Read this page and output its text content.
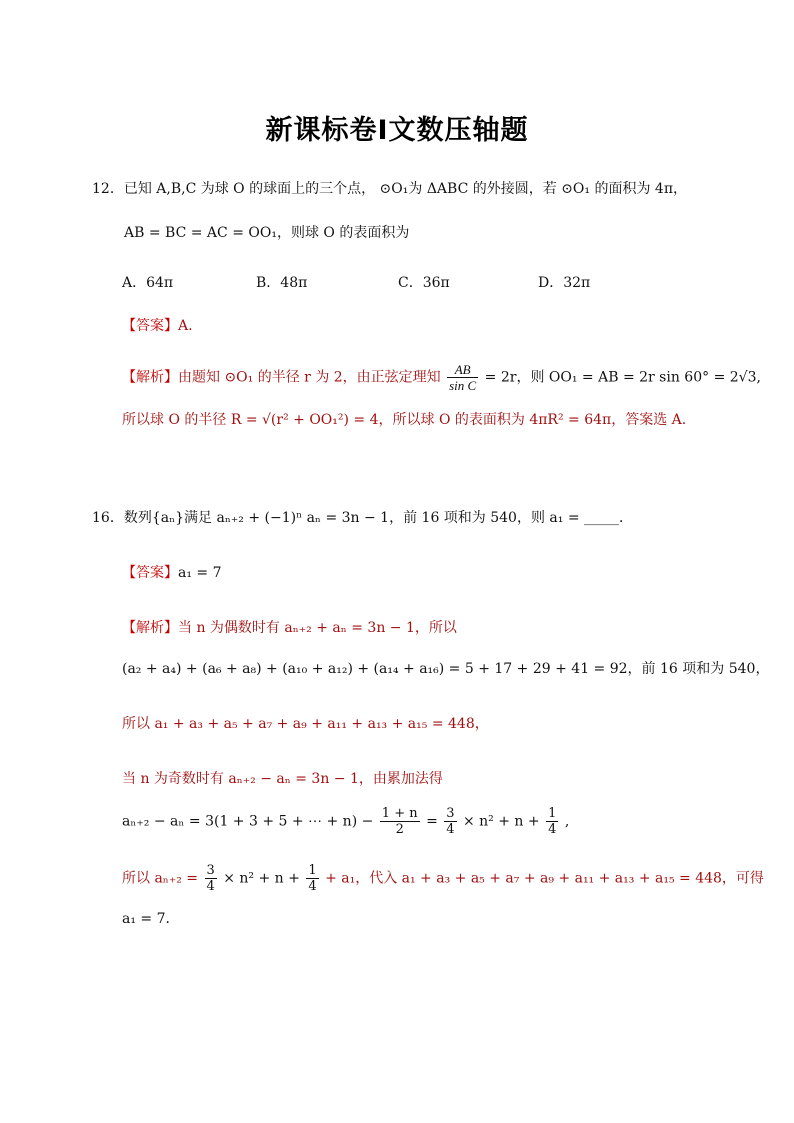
新课标卷Ⅰ文数压轴题
12．已知 A,B,C 为球 O 的球面上的三个点， ⊙O₁为 ΔABC 的外接圆，若 ⊙O₁ 的面积为 4π，
AB = BC = AC = OO₁，则球 O 的表面积为
A．64π	B．48π	C．36π	D．32π
【答案】A.
【解析】由题知 ⊙O₁ 的半径 r 为 2，由正弦定理知 $\frac{AB}{\text{sin C}} = 2r$，则 OO₁ = AB = 2r sin 60° = 2√3,
所以球 O 的半径 R = √(r² + OO₁²) = 4，所以球 O 的表面积为 4πR² = 64π，答案选 A.
16．数列{aₙ}满足 aₙ₊₂ + (−1)ⁿ aₙ = 3n − 1，前 16 项和为 540，则 a₁ = _____．
【答案】a₁ = 7
【解析】当 n 为偶数时有 aₙ₊₂ + aₙ = 3n − 1，所以
(a₂ + a₄) + (a₆ + a₈) + (a₁₀ + a₁₂) + (a₁₄ + a₁₆) = 5 + 17 + 29 + 41 = 92，前 16 项和为 540，
所以 a₁ + a₃ + a₅ + a₇ + a₉ + a₁₁ + a₁₃ + a₁₅ = 448，
当 n 为奇数时有 aₙ₊₂ − aₙ = 3n − 1，由累加法得
aₙ₊₂ − aₙ = 3(1 + 3 + 5 + ⋯ + $n) - \frac{1 + n}{2} = \frac{3}{4} \times n^2 + n + \frac{1}{4}$ ,
所以 $a_{n+2} = \frac{3}{4} \times n^2 + n + \frac{1}{4} + a_1$，代入 a₁ + a₃ + a₅ + a₇ + a₉ + a₁₁ + a₁₃ + a₁₅ = 448，可得
a₁ = 7．
